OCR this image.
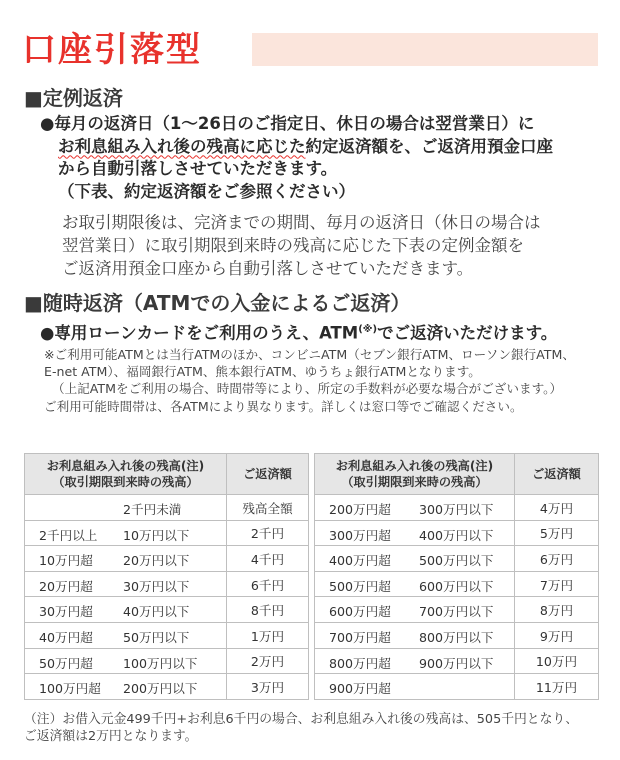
口座引落型
■定例返済
●毎月の返済日（1～26日のご指定日、休日の場合は翌営業日）に
お利息組み入れ後の残高に応じた約定返済額を、ご返済用預金口座
から自動引落しさせていただきます。
（下表、約定返済額をご参照ください）
お取引期限後は、完済までの期間、毎月の返済日（休日の場合は
翌営業日）に取引期限到来時の残高に応じた下表の定例金額を
ご返済用預金口座から自動引落しさせていただきます。
■随時返済（ATMでの入金によるご返済）
●専用ローンカードをご利用のうえ、ATM(※)でご返済いただけます。
※ご利用可能ATMとは当行ATMのほか、コンビニATM（セブン銀行ATM、ローソン銀行ATM、
E-net ATM）、福岡銀行ATM、熊本銀行ATM、ゆうちょ銀行ATMとなります。
（上記ATMをご利用の場合、時間帯等により、所定の手数料が必要な場合がございます。）
ご利用可能時間帯は、各ATMにより異なります。詳しくは窓口等でご確認ください。
お利息組み入れ後の残高(注)
（取引期限到来時の残高）	ご返済額

2千円未満	残高全額

2千円以上 10万円以下	2千円

10万円超 20万円以下	4千円

20万円超 30万円以下	6千円

30万円超 40万円以下	8千円

40万円超 50万円以下	1万円

50万円超 100万円以下	2万円

100万円超 200万円以下	3万円
お利息組み入れ後の残高(注)
（取引期限到来時の残高）	ご返済額

200万円超 300万円以下	4万円

300万円超 400万円以下	5万円

400万円超 500万円以下	6万円

500万円超 600万円以下	7万円

600万円超 700万円以下	8万円

700万円超 800万円以下	9万円

800万円超 900万円以下	10万円

900万円超	11万円
（注）お借入元金499千円+お利息6千円の場合、お利息組み入れ後の残高は、505千円となり、
ご返済額は2万円となります。
